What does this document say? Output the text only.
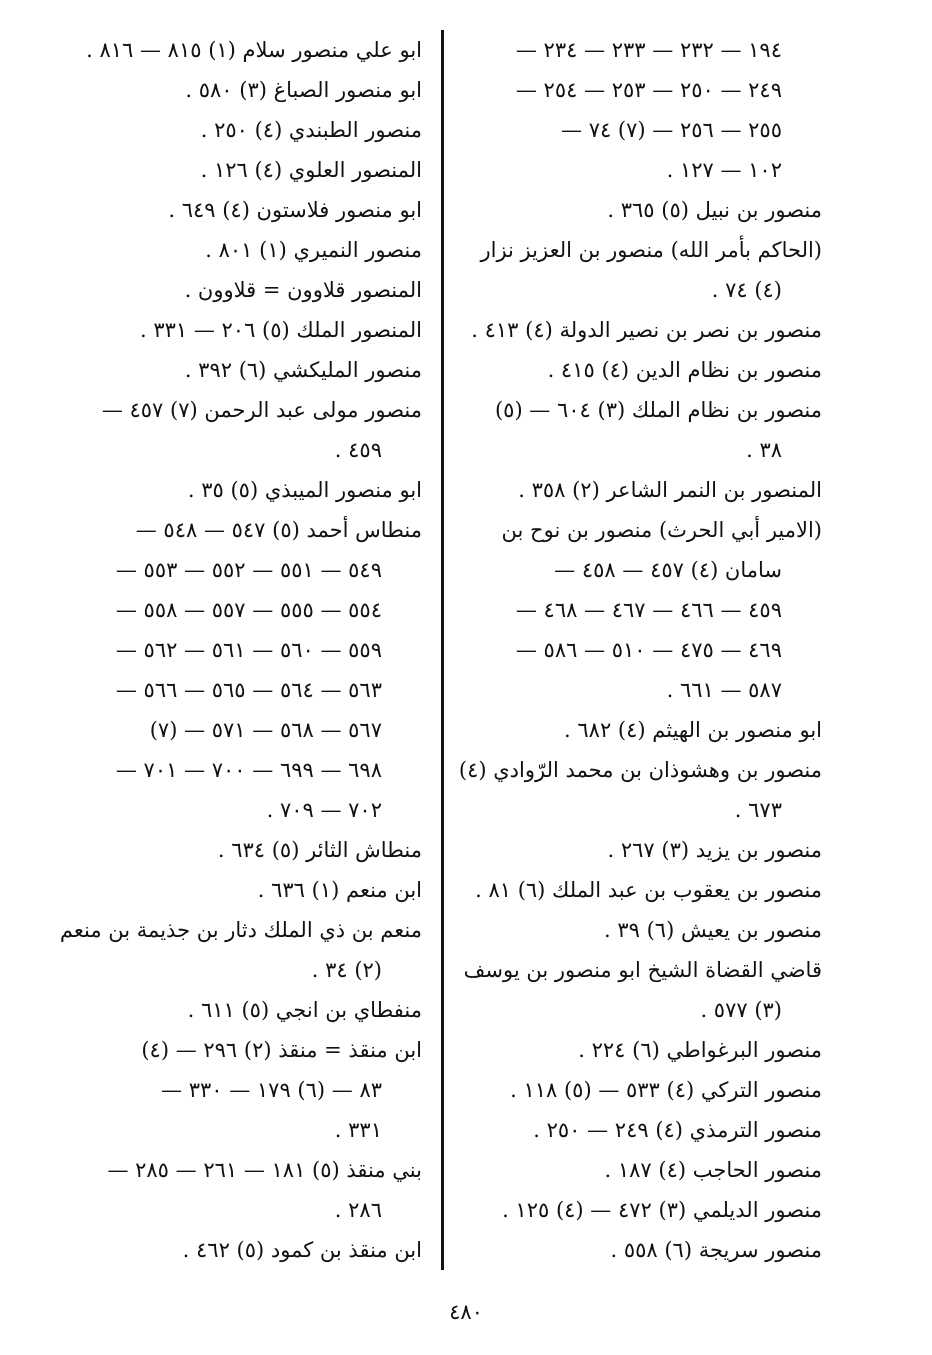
١٩٤ — ٢٣٢ — ٢٣٣ — ٢٣٤ —
٢٤٩ — ٢٥٠ — ٢٥٣ — ٢٥٤ —
٢٥٥ — ٢٥٦ — (٧) ٧٤ —
١٠٢ — ١٢٧ .
منصور بن نبيل (٥) ٣٦٥ .
(الحاكم بأمر الله) منصور بن العزيز نزار
(٤) ٧٤ .
منصور بن نصر بن نصير الدولة (٤) ٤١٣ .
منصور بن نظام الدين (٤) ٤١٥ .
منصور بن نظام الملك (٣) ٦٠٤ — (٥)
٣٨ .
المنصور بن النمر الشاعر (٢) ٣٥٨ .
(الامير أبي الحرث) منصور بن نوح بن
سامان (٤) ٤٥٧ — ٤٥٨ —
٤٥٩ — ٤٦٦ — ٤٦٧ — ٤٦٨ —
٤٦٩ — ٤٧٥ — ٥١٠ — ٥٨٦ —
٥٨٧ — ٦٦١ .
ابو منصور بن الهيثم (٤) ٦٨٢ .
منصور بن وهشوذان بن محمد الرّوادي (٤)
٦٧٣ .
منصور بن يزيد (٣) ٢٦٧ .
منصور بن يعقوب بن عبد الملك (٦) ٨١ .
منصور بن يعيش (٦) ٣٩ .
قاضي القضاة الشيخ ابو منصور بن يوسف
(٣) ٥٧٧ .
منصور البرغواطي (٦) ٢٢٤ .
منصور التركي (٤) ٥٣٣ — (٥) ١١٨ .
منصور الترمذي (٤) ٢٤٩ — ٢٥٠ .
منصور الحاجب (٤) ١٨٧ .
منصور الديلمي (٣) ٤٧٢ — (٤) ١٢٥ .
منصور سريجة (٦) ٥٥٨ .
ابو علي منصور سلام (١) ٨١٥ — ٨١٦ .
ابو منصور الصباغ (٣) ٥٨٠ .
منصور الطبندي (٤) ٢٥٠ .
المنصور العلوي (٤) ١٢٦ .
ابو منصور فلاستون (٤) ٦٤٩ .
منصور النميري (١) ٨٠١ .
المنصور قلاوون = قلاوون .
المنصور الملك (٥) ٢٠٦ — ٣٣١ .
منصور المليكشي (٦) ٣٩٢ .
منصور مولى عبد الرحمن (٧) ٤٥٧ —
٤٥٩ .
ابو منصور الميبذي (٥) ٣٥ .
منطاس أحمد (٥) ٥٤٧ — ٥٤٨ —
٥٤٩ — ٥٥١ — ٥٥٢ — ٥٥٣ —
٥٥٤ — ٥٥٥ — ٥٥٧ — ٥٥٨ —
٥٥٩ — ٥٦٠ — ٥٦١ — ٥٦٢ —
٥٦٣ — ٥٦٤ — ٥٦٥ — ٥٦٦ —
٥٦٧ — ٥٦٨ — ٥٧١ — (٧)
٦٩٨ — ٦٩٩ — ٧٠٠ — ٧٠١ —
٧٠٢ — ٧٠٩ .
منطاش الثائر (٥) ٦٣٤ .
ابن منعم (١) ٦٣٦ .
منعم بن ذي الملك دثار بن جذيمة بن منعم
(٢) ٣٤ .
منفطاي بن انجي (٥) ٦١١ .
ابن منقذ = منقذ (٢) ٢٩٦ — (٤)
٨٣ — (٦) ١٧٩ — ٣٣٠ —
٣٣١ .
بني منقذ (٥) ١٨١ — ٢٦١ — ٢٨٥ —
٢٨٦ .
ابن منقذ بن كمود (٥) ٤٦٢ .
٤٨٠
